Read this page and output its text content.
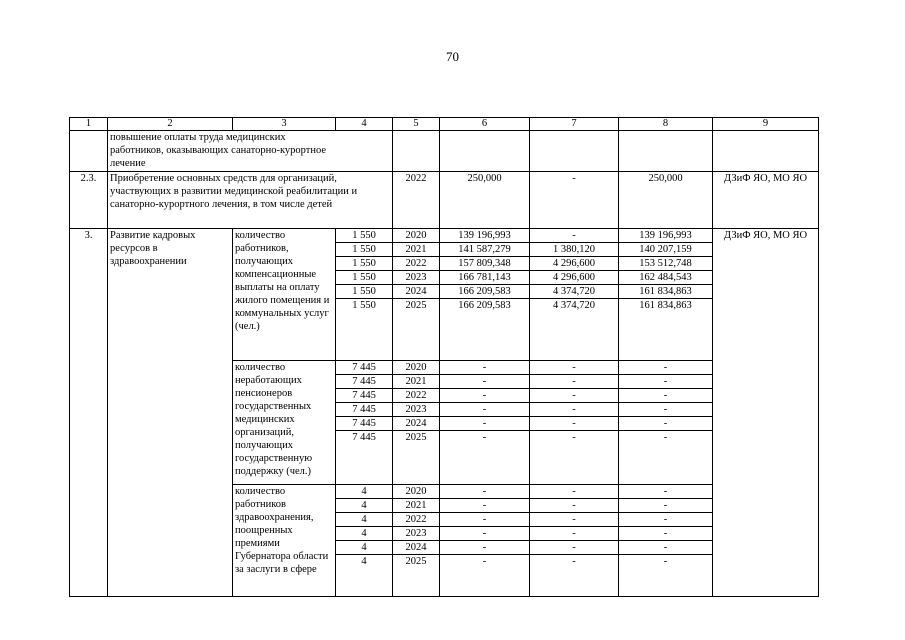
70
1	2	3	4	5	6	7	8	9
	повышение оплаты труда медицинских работников, оказывающих санаторно-курортное лечение							
2.3.	Приобретение основных средств для организаций, участвующих в развитии медицинской реабилитации и санаторно-курортного лечения, в том числе детей			2022	250,000	-	250,000	ДЗиФ ЯО, МО ЯО
3.	Развитие кадровых ресурсов в здравоохранении	количество работников, получающих компенсационные выплаты на оплату жилого помещения и коммунальных услуг (чел.)	1 550	2020	139 196,993	-	139 196,993	ДЗиФ ЯО, МО ЯО
			1 550	2021	141 587,279	1 380,120	140 207,159	
			1 550	2022	157 809,348	4 296,600	153 512,748	
			1 550	2023	166 781,143	4 296,600	162 484,543	
			1 550	2024	166 209,583	4 374,720	161 834,863	
			1 550	2025	166 209,583	4 374,720	161 834,863	
		количество неработающих пенсионеров государственных медицинских организаций, получающих государственную поддержку (чел.)	7 445	2020	-	-	-	
			7 445	2021	-	-	-	
			7 445	2022	-	-	-	
			7 445	2023	-	-	-	
			7 445	2024	-	-	-	
			7 445	2025	-	-	-	
		количество работников здравоохранения, поощренных премиями Губернатора области за заслуги в сфере	4	2020	-	-	-	
			4	2021	-	-	-	
			4	2022	-	-	-	
			4	2023	-	-	-	
			4	2024	-	-	-	
			4	2025	-	-	-	
